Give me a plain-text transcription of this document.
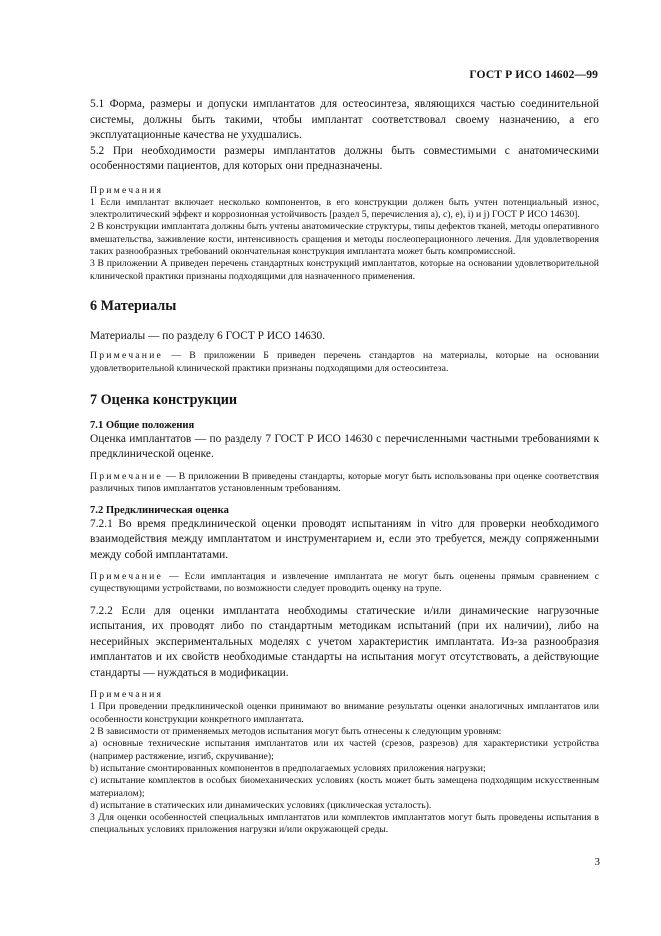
ГОСТ Р ИСО 14602—99

5.1 Форма, размеры и допуски имплантатов для остеосинтеза, являющихся частью соединительной системы, должны быть такими, чтобы имплантат соответствовал своему назначению, а его эксплуатационные качества не ухудшались.

5.2 При необходимости размеры имплантатов должны быть совместимыми с анатомическими особенностями пациентов, для которых они предназначены.

Примечания

1 Если имплантат включает несколько компонентов, в его конструкции должен быть учтен потенциальный износ, электролитический эффект и коррозионная устойчивость [раздел 5, перечисления a), c), e), i) и j) ГОСТ Р ИСО 14630].

2 В конструкции имплантата должны быть учтены анатомические структуры, типы дефектов тканей, методы оперативного вмешательства, заживление кости, интенсивность сращения и методы послеоперационного лечения. Для удовлетворения таких разнообразных требований окончательная конструкция имплантата может быть компромиссной.

3 В приложении А приведен перечень стандартных конструкций имплантатов, которые на основании удовлетворительной клинической практики признаны подходящими для назначенного применения.

6 Материалы

Материалы — по разделу 6 ГОСТ Р ИСО 14630.

Примечание — В приложении Б приведен перечень стандартов на материалы, которые на основании удовлетворительной клинической практики признаны подходящими для остеосинтеза.

7 Оценка конструкции

7.1 Общие положения

Оценка имплантатов — по разделу 7 ГОСТ Р ИСО 14630 с перечисленными частными требованиями к предклинической оценке.

Примечание — В приложении В приведены стандарты, которые могут быть использованы при оценке соответствия различных типов имплантатов установленным требованиям.

7.2 Предклиническая оценка

7.2.1 Во время предклинической оценки проводят испытаниям in vitro для проверки необходимого взаимодействия между имплантатом и инструментарием и, если это требуется, между сопряженными между собой имплантатами.

Примечание — Если имплантация и извлечение имплантата не могут быть оценены прямым сравнением с существующими устройствами, по возможности следует проводить оценку на трупе.

7.2.2 Если для оценки имплантата необходимы статические и/или динамические нагрузочные испытания, их проводят либо по стандартным методикам испытаний (при их наличии), либо на несерийных экспериментальных моделях с учетом характеристик имплантата. Из-за разнообразия имплантатов и их свойств необходимые стандарты на испытания могут отсутствовать, а действующие стандарты — нуждаться в модификации.

Примечания

1 При проведении предклинической оценки принимают во внимание результаты оценки аналогичных имплантатов или особенности конструкции конкретного имплантата.

2 В зависимости от применяемых методов испытания могут быть отнесены к следующим уровням:

a) основные технические испытания имплантатов или их частей (срезов, разрезов) для характеристики устройства (например растяжение, изгиб, скручивание);

b) испытание смонтированных компонентов в предполагаемых условиях приложения нагрузки;

c) испытание комплектов в особых биомеханических условиях (кость может быть замещена подходящим искусственным материалом);

d) испытание в статических или динамических условиях (циклическая усталость).

3 Для оценки особенностей специальных имплантатов или комплектов имплантатов могут быть проведены испытания в специальных условиях приложения нагрузки и/или окружающей среды.

3
